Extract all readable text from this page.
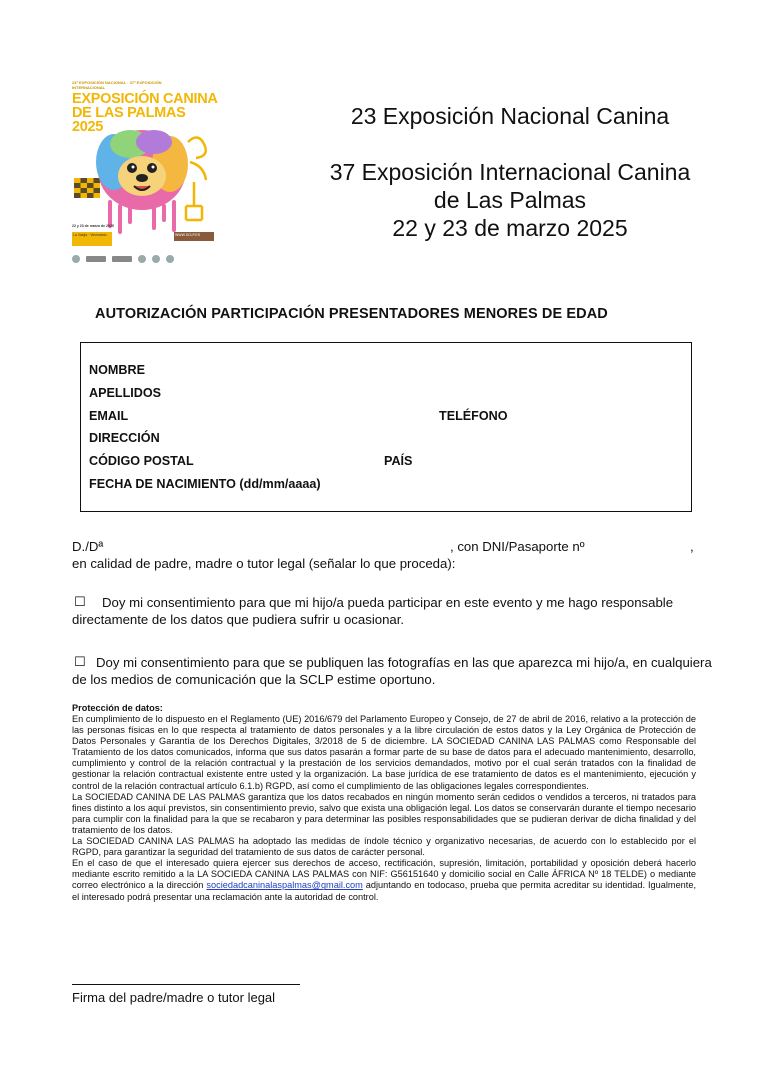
23ª EXPOSICIÓN NACIONAL · 37ª EXPOSICIÓN INTERNACIONAL
EXPOSICIÓN CANINA
DE LAS PALMAS 2025
22 y 23 de marzo de 2025
La Vasija · Vecindario	WWW.SCLP.ES
23 Exposición Nacional Canina
37 Exposición Internacional Canina
de Las Palmas
22 y 23 de marzo 2025
AUTORIZACIÓN PARTICIPACIÓN PRESENTADORES MENORES DE EDAD
NOMBRE
APELLIDOS
EMAIL	TELÉFONO
DIRECCIÓN
CÓDIGO POSTAL	PAÍS
FECHA DE NACIMIENTO (dd/mm/aaaa)
D./Dª	, con DNI/Pasaporte nº	,
en calidad de padre, madre o tutor legal (señalar lo que proceda):
☐ Doy mi consentimiento para que mi hijo/a pueda participar en este evento y me hago responsable
directamente de los datos que pudiera sufrir u ocasionar.
☐ Doy mi consentimiento para que se publiquen las fotografías en las que aparezca mi hijo/a, en cualquiera
de los medios de comunicación que la SCLP estime oportuno.
Protección de datos:

En cumplimiento de lo dispuesto en el Reglamento (UE) 2016/679 del Parlamento Europeo y Consejo, de 27 de abril de 2016, relativo a la protección de las personas físicas en lo que respecta al tratamiento de datos personales y a la libre circulación de estos datos y la Ley Orgánica de Protección de Datos Personales y Garantía de los Derechos Digitales, 3/2018 de 5 de diciembre. LA SOCIEDAD CANINA LAS PALMAS como Responsable del Tratamiento de los datos comunicados, informa que sus datos pasarán a formar parte de su base de datos para el adecuado mantenimiento, desarrollo, cumplimiento y control de la relación contractual y la prestación de los servicios demandados, motivo por el cual serán tratados con la finalidad de gestionar la relación contractual existente entre usted y la organización. La base jurídica de ese tratamiento de datos es el mantenimiento, ejecución y control de la relación contractual artículo 6.1.b) RGPD, así como el cumplimiento de las obligaciones legales correspondientes.

La SOCIEDAD CANINA DE LAS PALMAS garantiza que los datos recabados en ningún momento serán cedidos o vendidos a terceros, ni tratados para fines distinto a los aquí previstos, sin consentimiento previo, salvo que exista una obligación legal. Los datos se conservarán durante el tiempo necesario para cumplir con la finalidad para la que se recabaron y para determinar las posibles responsabilidades que se pudieran derivar de dicha finalidad y del tratamiento de los datos.

La SOCIEDAD CANINA LAS PALMAS ha adoptado las medidas de índole técnico y organizativo necesarias, de acuerdo con lo establecido por el RGPD, para garantizar la seguridad del tratamiento de sus datos de carácter personal.

En el caso de que el interesado quiera ejercer sus derechos de acceso, rectificación, supresión, limitación, portabilidad y oposición deberá hacerlo mediante escrito remitido a la LA SOCIEDA CANINA LAS PALMAS con NIF: G56151640 y domicilio social en Calle ÁFRICA Nº 18 TELDE) o mediante correo electrónico a la dirección sociedadcaninalaspalmas@gmail.com adjuntando en todocaso, prueba que permita acreditar su identidad. Igualmente, el interesado podrá presentar una reclamación ante la autoridad de control.

Firma del padre/madre o tutor legal
